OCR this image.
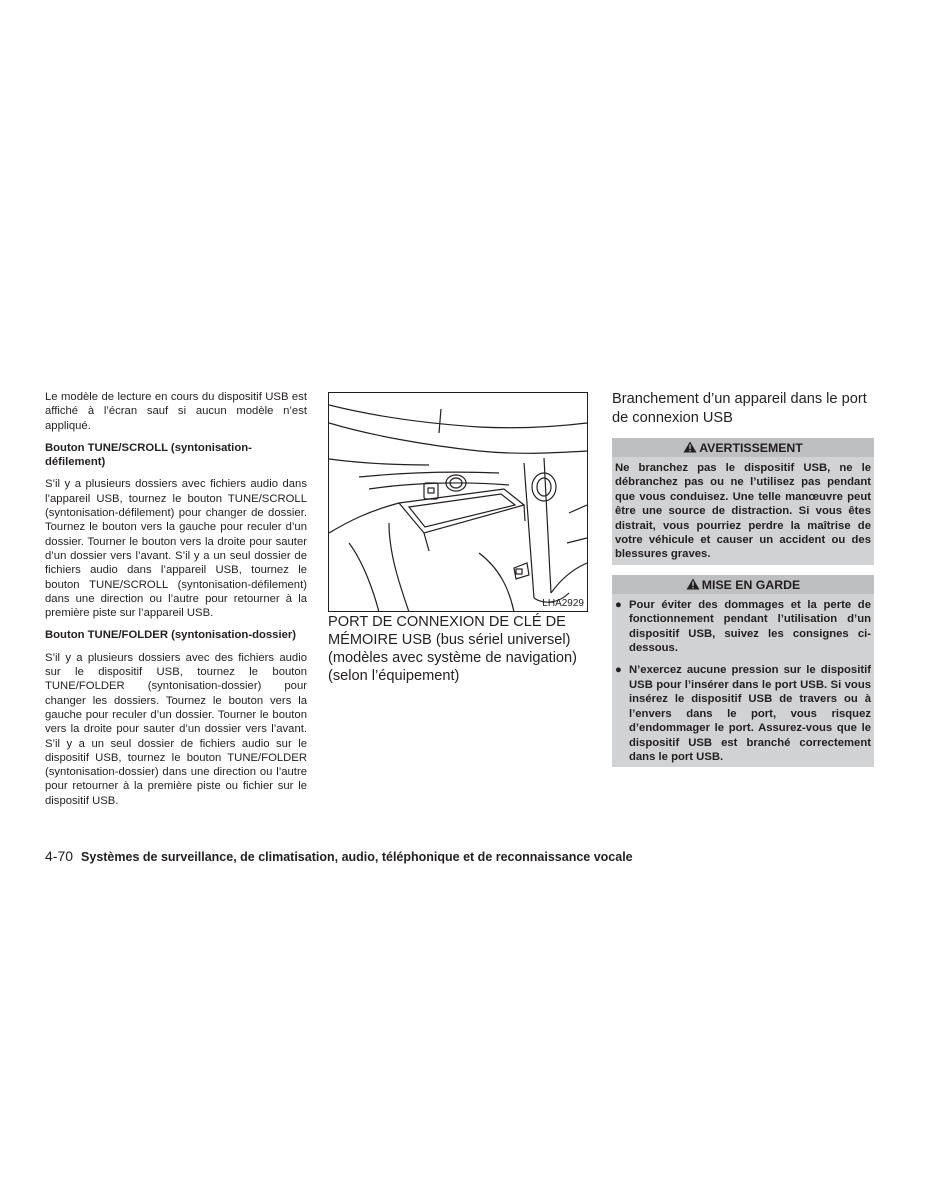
Le modèle de lecture en cours du dispositif USB est affiché à l’écran sauf si aucun modèle n’est appliqué.

Bouton TUNE/SCROLL (syntonisation-défilement)

S’il y a plusieurs dossiers avec fichiers audio dans l’appareil USB, tournez le bouton TUNE/SCROLL (syntonisation-défilement) pour changer de dossier. Tournez le bouton vers la gauche pour reculer d’un dossier. Tourner le bouton vers la droite pour sauter d’un dossier vers l’avant. S’il y a un seul dossier de fichiers audio dans l’appareil USB, tournez le bouton TUNE/SCROLL (syntonisation-défilement) dans une direction ou l’autre pour retourner à la première piste sur l’appareil USB.

Bouton TUNE/FOLDER (syntonisation-dossier)

S’il y a plusieurs dossiers avec des fichiers audio sur le dispositif USB, tournez le bouton TUNE/FOLDER (syntonisation-dossier) pour changer les dossiers. Tournez le bouton vers la gauche pour reculer d’un dossier. Tourner le bouton vers la droite pour sauter d’un dossier vers l’avant. S’il y a un seul dossier de fichiers audio sur le dispositif USB, tournez le bouton TUNE/FOLDER (syntonisation-dossier) dans une direction ou l’autre pour retourner à la première piste ou fichier sur le dispositif USB.

LHA2929
PORT DE CONNEXION DE CLÉ DE
MÉMOIRE USB (bus sériel universel)
(modèles avec système de navigation)
(selon l’équipement)
Branchement d’un appareil dans le port de connexion USB
AVERTISSEMENT
Ne branchez pas le dispositif USB, ne le débranchez pas ou ne l’utilisez pas pendant que vous conduisez. Une telle manœuvre peut être une source de distraction. Si vous êtes distrait, vous pourriez perdre la maîtrise de votre véhicule et causer un accident ou des blessures graves.
MISE EN GARDE
● Pour éviter des dommages et la perte de fonctionnement pendant l’utilisation d’un dispositif USB, suivez les consignes ci-dessous.
● N’exercez aucune pression sur le dispositif USB pour l’insérer dans le port USB. Si vous insérez le dispositif USB de travers ou à l’envers dans le port, vous risquez d’endommager le port. Assurez-vous que le dispositif USB est branché correctement dans le port USB.
4-70 Systèmes de surveillance, de climatisation, audio, téléphonique et de reconnaissance vocale
